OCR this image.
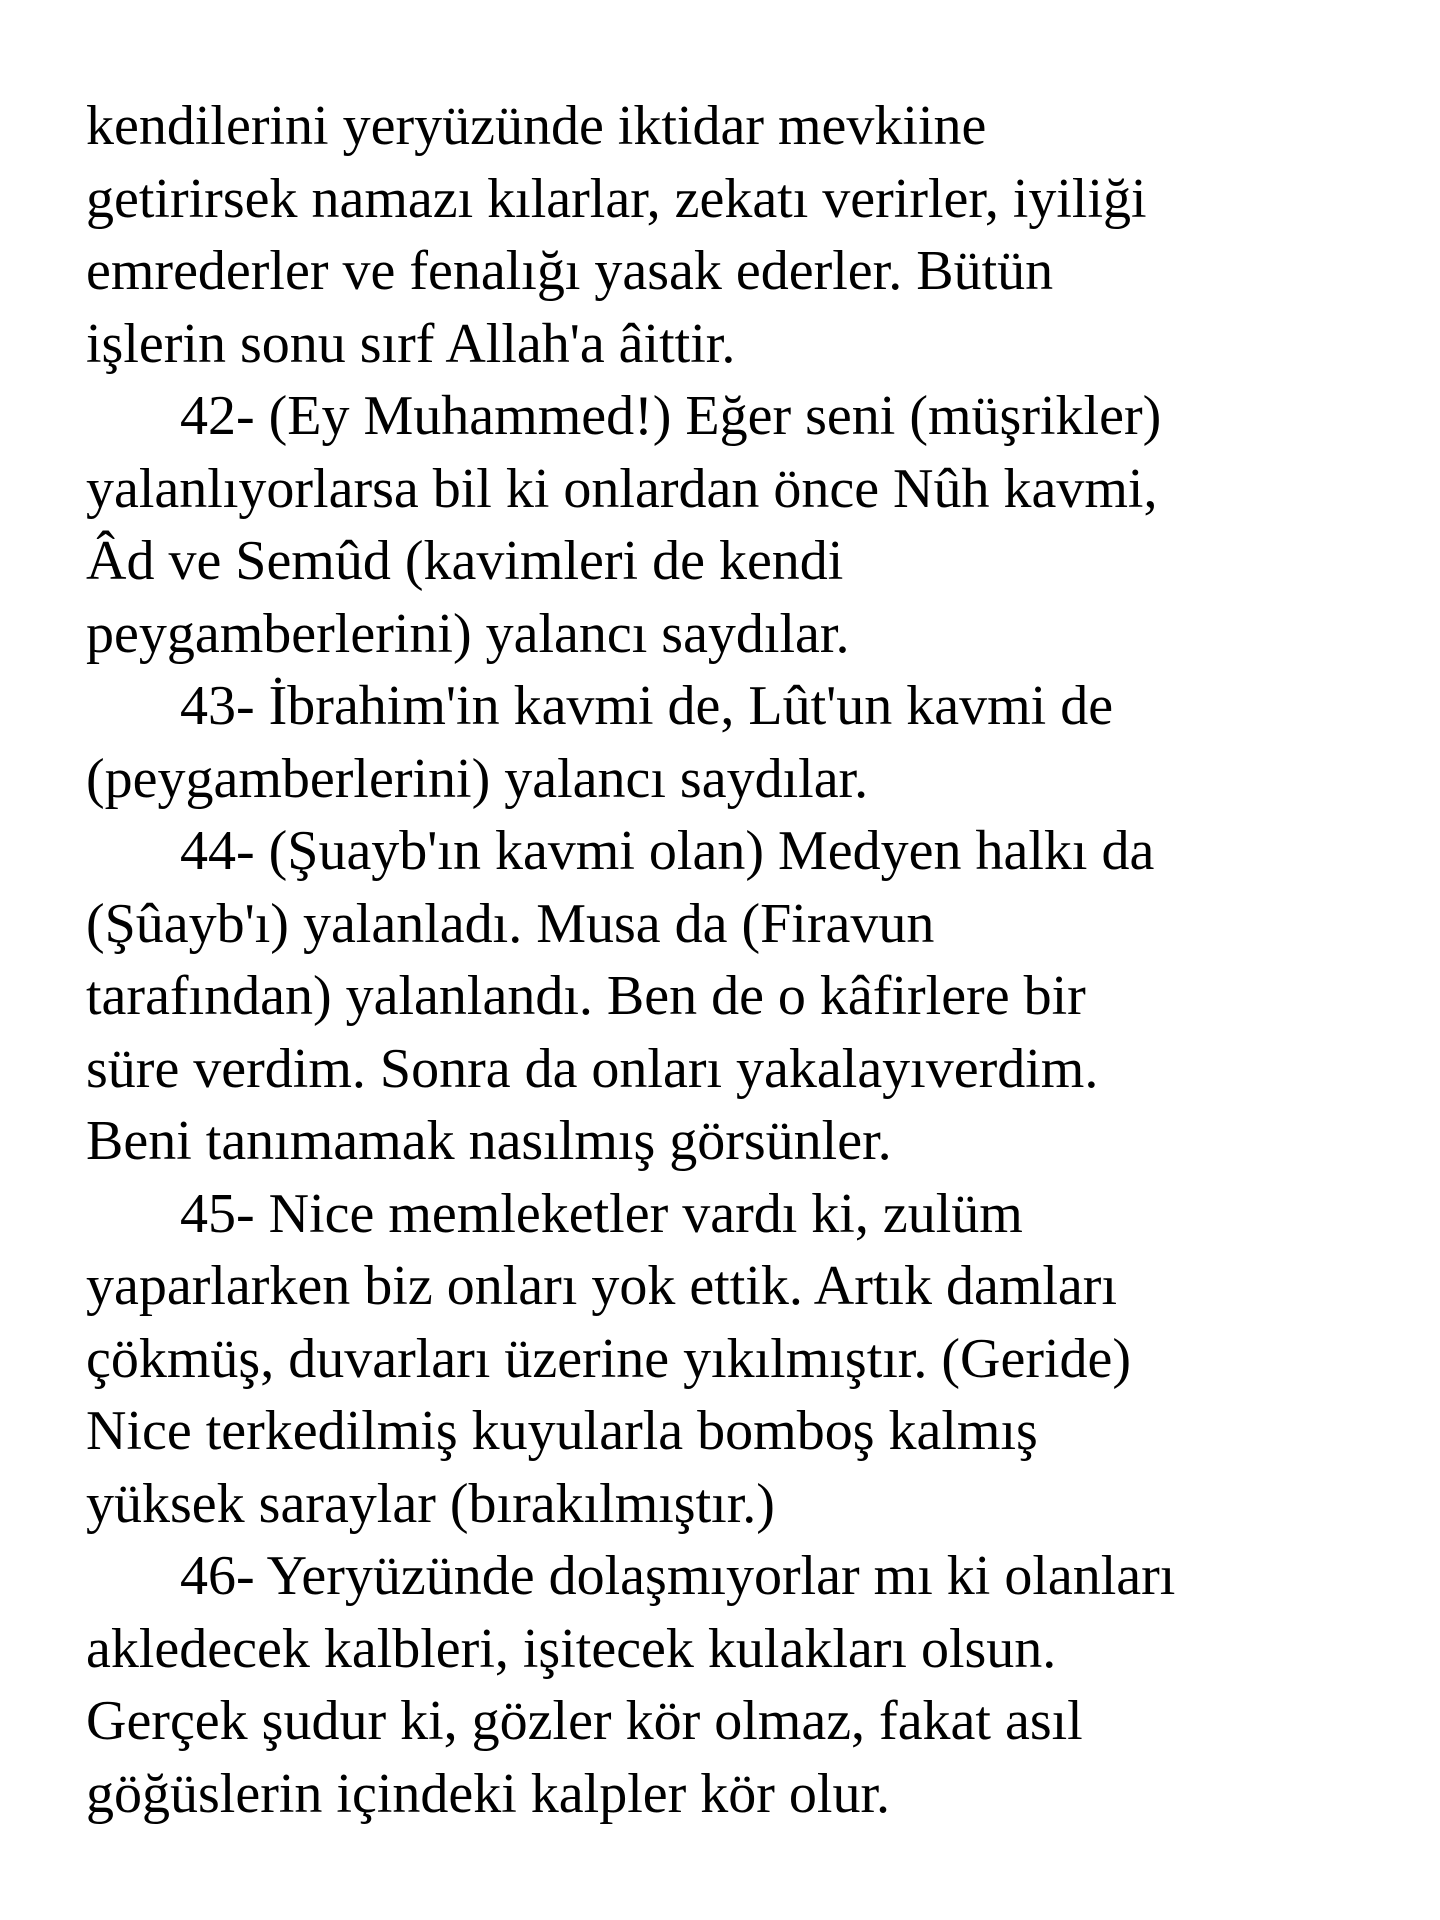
kendilerini yeryüzünde iktidar mevkiine
getirirsek namazı kılarlar, zekatı verirler, iyiliği
emrederler ve fenalığı yasak ederler. Bütün
işlerin sonu sırf Allah'a âittir.
42- (Ey Muhammed!) Eğer seni (müşrikler)
yalanlıyorlarsa bil ki onlardan önce Nûh kavmi,
Âd ve Semûd (kavimleri de kendi
peygamberlerini) yalancı saydılar.
43- İbrahim'in kavmi de, Lût'un kavmi de
(peygamberlerini) yalancı saydılar.
44- (Şuayb'ın kavmi olan) Medyen halkı da
(Şûayb'ı) yalanladı. Musa da (Firavun
tarafından) yalanlandı. Ben de o kâfirlere bir
süre verdim. Sonra da onları yakalayıverdim.
Beni tanımamak nasılmış görsünler.
45- Nice memleketler vardı ki, zulüm
yaparlarken biz onları yok ettik. Artık damları
çökmüş, duvarları üzerine yıkılmıştır. (Geride)
Nice terkedilmiş kuyularla bomboş kalmış
yüksek saraylar (bırakılmıştır.)
46- Yeryüzünde dolaşmıyorlar mı ki olanları
akledecek kalbleri, işitecek kulakları olsun.
Gerçek şudur ki, gözler kör olmaz, fakat asıl
göğüslerin içindeki kalpler kör olur.
